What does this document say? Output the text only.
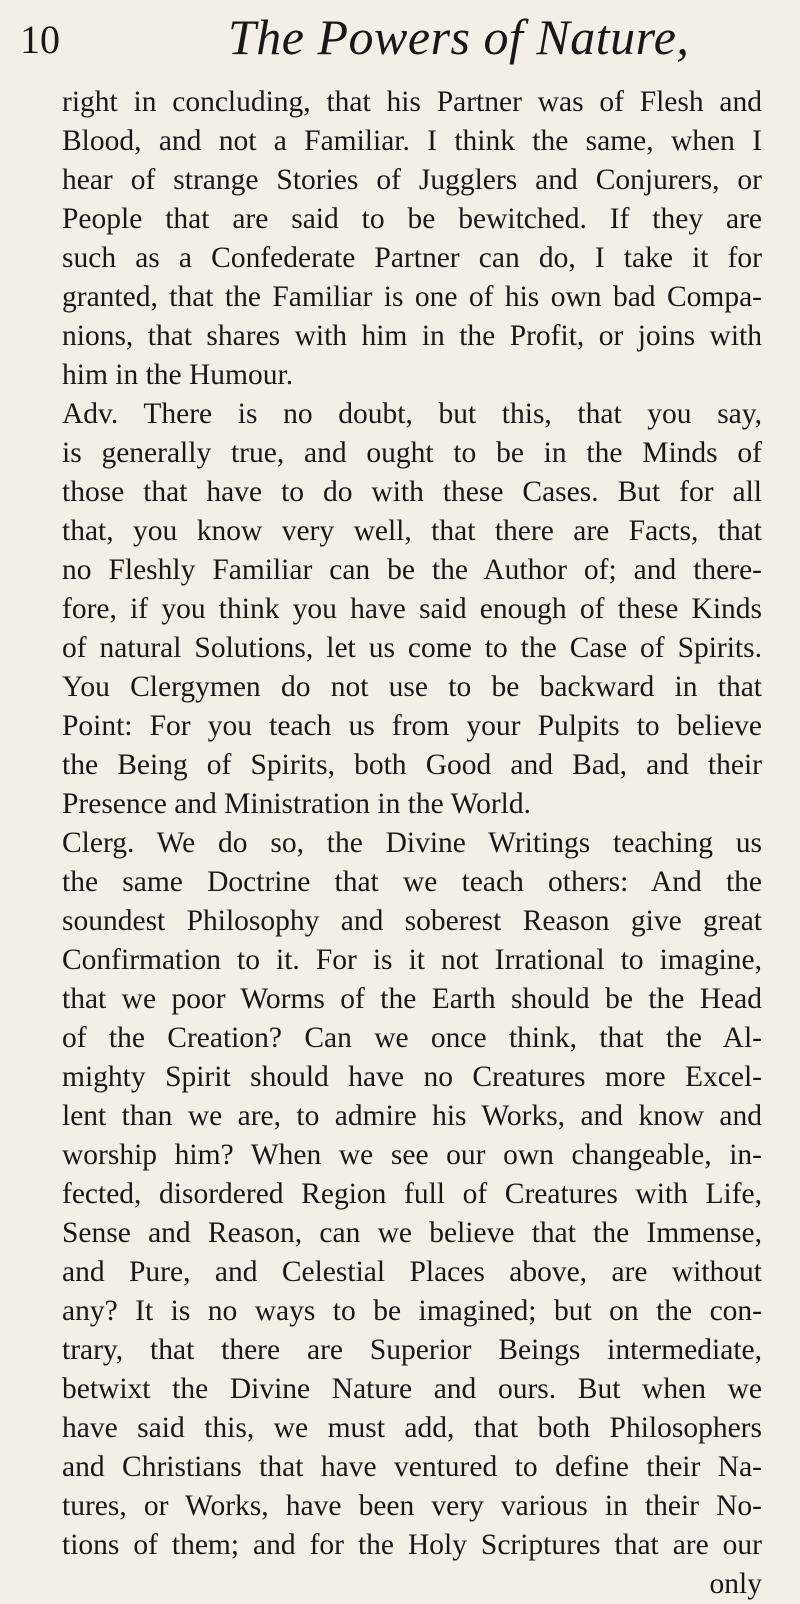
10	The Powers of Nature,
right in concluding, that his Partner was of Flesh and
Blood, and not a Familiar. I think the same, when I
hear of strange Stories of Jugglers and Conjurers, or
People that are said to be bewitched. If they are
such as a Confederate Partner can do, I take it for
granted, that the Familiar is one of his own bad Compa-
nions, that shares with him in the Profit, or joins with
him in the Humour.
Adv. There is no doubt, but this, that you say,
is generally true, and ought to be in the Minds of
those that have to do with these Cases. But for all
that, you know very well, that there are Facts, that
no Fleshly Familiar can be the Author of; and there-
fore, if you think you have said enough of these Kinds
of natural Solutions, let us come to the Case of Spirits.
You Clergymen do not use to be backward in that
Point: For you teach us from your Pulpits to believe
the Being of Spirits, both Good and Bad, and their
Presence and Ministration in the World.
Clerg. We do so, the Divine Writings teaching us
the same Doctrine that we teach others: And the
soundest Philosophy and soberest Reason give great
Confirmation to it. For is it not Irrational to imagine,
that we poor Worms of the Earth should be the Head
of the Creation? Can we once think, that the Al-
mighty Spirit should have no Creatures more Excel-
lent than we are, to admire his Works, and know and
worship him? When we see our own changeable, in-
fected, disordered Region full of Creatures with Life,
Sense and Reason, can we believe that the Immense,
and Pure, and Celestial Places above, are without
any? It is no ways to be imagined; but on the con-
trary, that there are Superior Beings intermediate,
betwixt the Divine Nature and ours. But when we
have said this, we must add, that both Philosophers
and Christians that have ventured to define their Na-
tures, or Works, have been very various in their No-
tions of them; and for the Holy Scriptures that are our
only
